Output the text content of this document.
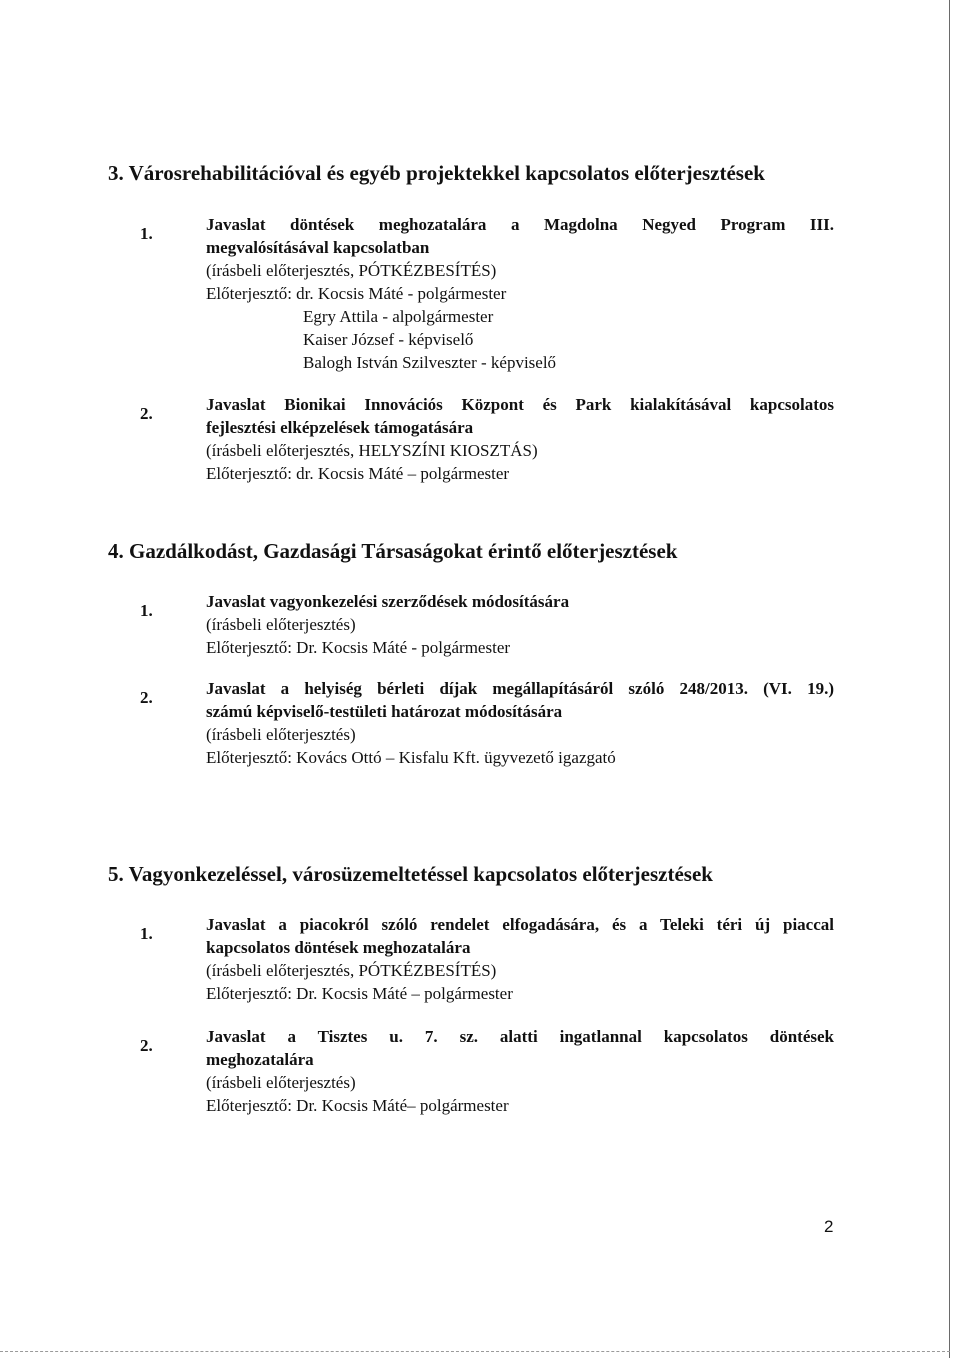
3. Városrehabilitációval és egyéb projektekkel kapcsolatos előterjesztések
1.	Javaslat döntések meghozatalára a Magdolna Negyed Program III.
megvalósításával kapcsolatban
(írásbeli előterjesztés, PÓTKÉZBESÍTÉS)
Előterjesztő: dr. Kocsis Máté - polgármester
Egry Attila - alpolgármester
Kaiser József - képviselő
Balogh István Szilveszter - képviselő
2.	Javaslat Bionikai Innovációs Központ és Park kialakításával kapcsolatos
fejlesztési elképzelések támogatására
(írásbeli előterjesztés, HELYSZÍNI KIOSZTÁS)
Előterjesztő: dr. Kocsis Máté – polgármester
4. Gazdálkodást, Gazdasági Társaságokat érintő előterjesztések
1.	Javaslat vagyonkezelési szerződések módosítására
(írásbeli előterjesztés)
Előterjesztő: Dr. Kocsis Máté - polgármester
2.	Javaslat a helyiség bérleti díjak megállapításáról szóló 248/2013. (VI. 19.)
számú képviselő-testületi határozat módosítására
(írásbeli előterjesztés)
Előterjesztő: Kovács Ottó – Kisfalu Kft. ügyvezető igazgató
5. Vagyonkezeléssel, városüzemeltetéssel kapcsolatos előterjesztések
1.	Javaslat a piacokról szóló rendelet elfogadására, és a Teleki téri új piaccal
kapcsolatos döntések meghozatalára
(írásbeli előterjesztés, PÓTKÉZBESÍTÉS)
Előterjesztő: Dr. Kocsis Máté – polgármester
2.	Javaslat a Tisztes u. 7. sz. alatti ingatlannal kapcsolatos döntések
meghozatalára
(írásbeli előterjesztés)
Előterjesztő: Dr. Kocsis Máté– polgármester
2
